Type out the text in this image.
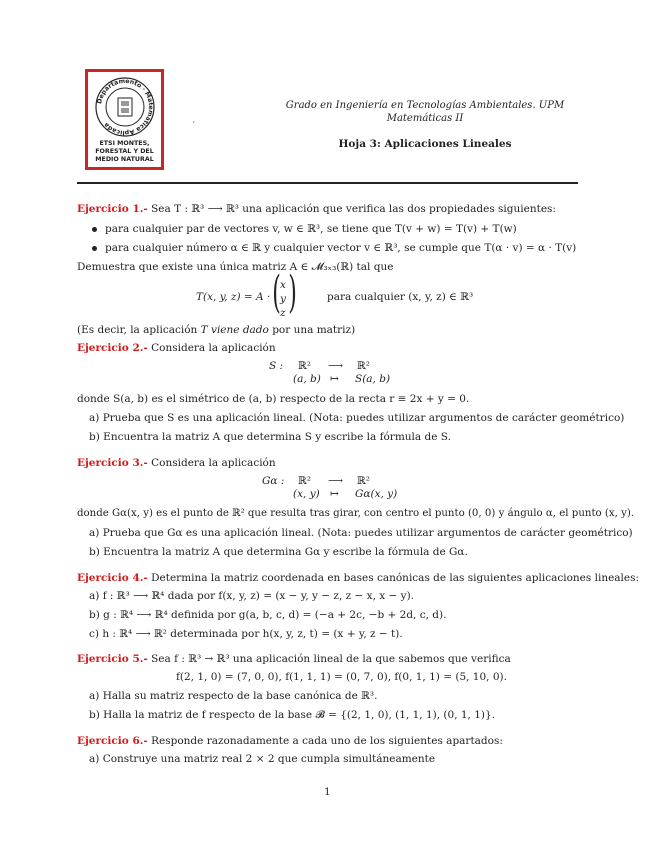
Departamento · Matemática Aplicada
ETSI MONTES,
FORESTAL Y DEL
MEDIO NATURAL
´
Grado en Ingeniería en Tecnologías Ambientales. UPM
Matemáticas II
Hoja 3: Aplicaciones Lineales
Ejercicio 1.- Sea T : ℝ³ ⟶ ℝ³ una aplicación que verifica las dos propiedades siguientes:
para cualquier par de vectores v, w ∈ ℝ³, se tiene que T(v + w) = T(v) + T(w)
para cualquier número α ∈ ℝ y cualquier vector v ∈ ℝ³, se cumple que T(α · v) = α · T(v)
Demuestra que existe una única matriz A ∈ 𝓜₃ₓ₃(ℝ) tal que
T(x, y, z) = A · ( x
y
z )	para cualquier (x, y, z) ∈ ℝ³
(Es decir, la aplicación T viene dado por una matriz)
Ejercicio 2.- Considera la aplicación
S : ℝ² ⟶ ℝ²
(a, b) ↦ S(a, b)
donde S(a, b) es el simétrico de (a, b) respecto de la recta r ≡ 2x + y = 0.
a) Prueba que S es una aplicación lineal. (Nota: puedes utilizar argumentos de carácter geométrico)
b) Encuentra la matriz A que determina S y escribe la fórmula de S.
Ejercicio 3.- Considera la aplicación
Gα : ℝ² ⟶ ℝ²
(x, y) ↦ Gα(x, y)
donde Gα(x, y) es el punto de ℝ² que resulta tras girar, con centro el punto (0, 0) y ángulo α, el punto (x, y).
a) Prueba que Gα es una aplicación lineal. (Nota: puedes utilizar argumentos de carácter geométrico)
b) Encuentra la matriz A que determina Gα y escribe la fórmula de Gα.
Ejercicio 4.- Determina la matriz coordenada en bases canónicas de las siguientes aplicaciones lineales:
a) f : ℝ³ ⟶ ℝ⁴ dada por f(x, y, z) = (x − y, y − z, z − x, x − y).
b) g : ℝ⁴ ⟶ ℝ⁴ definida por g(a, b, c, d) = (−a + 2c, −b + 2d, c, d).
c) h : ℝ⁴ ⟶ ℝ² determinada por h(x, y, z, t) = (x + y, z − t).
Ejercicio 5.- Sea f : ℝ³ → ℝ³ una aplicación lineal de la que sabemos que verifica
f(2, 1, 0) = (7, 0, 0), f(1, 1, 1) = (0, 7, 0), f(0, 1, 1) = (5, 10, 0).
a) Halla su matriz respecto de la base canónica de ℝ³.
b) Halla la matriz de f respecto de la base 𝓑 = {(2, 1, 0), (1, 1, 1), (0, 1, 1)}.
Ejercicio 6.- Responde razonadamente a cada uno de los siguientes apartados:
a) Construye una matriz real 2 × 2 que cumpla simultáneamente
1
